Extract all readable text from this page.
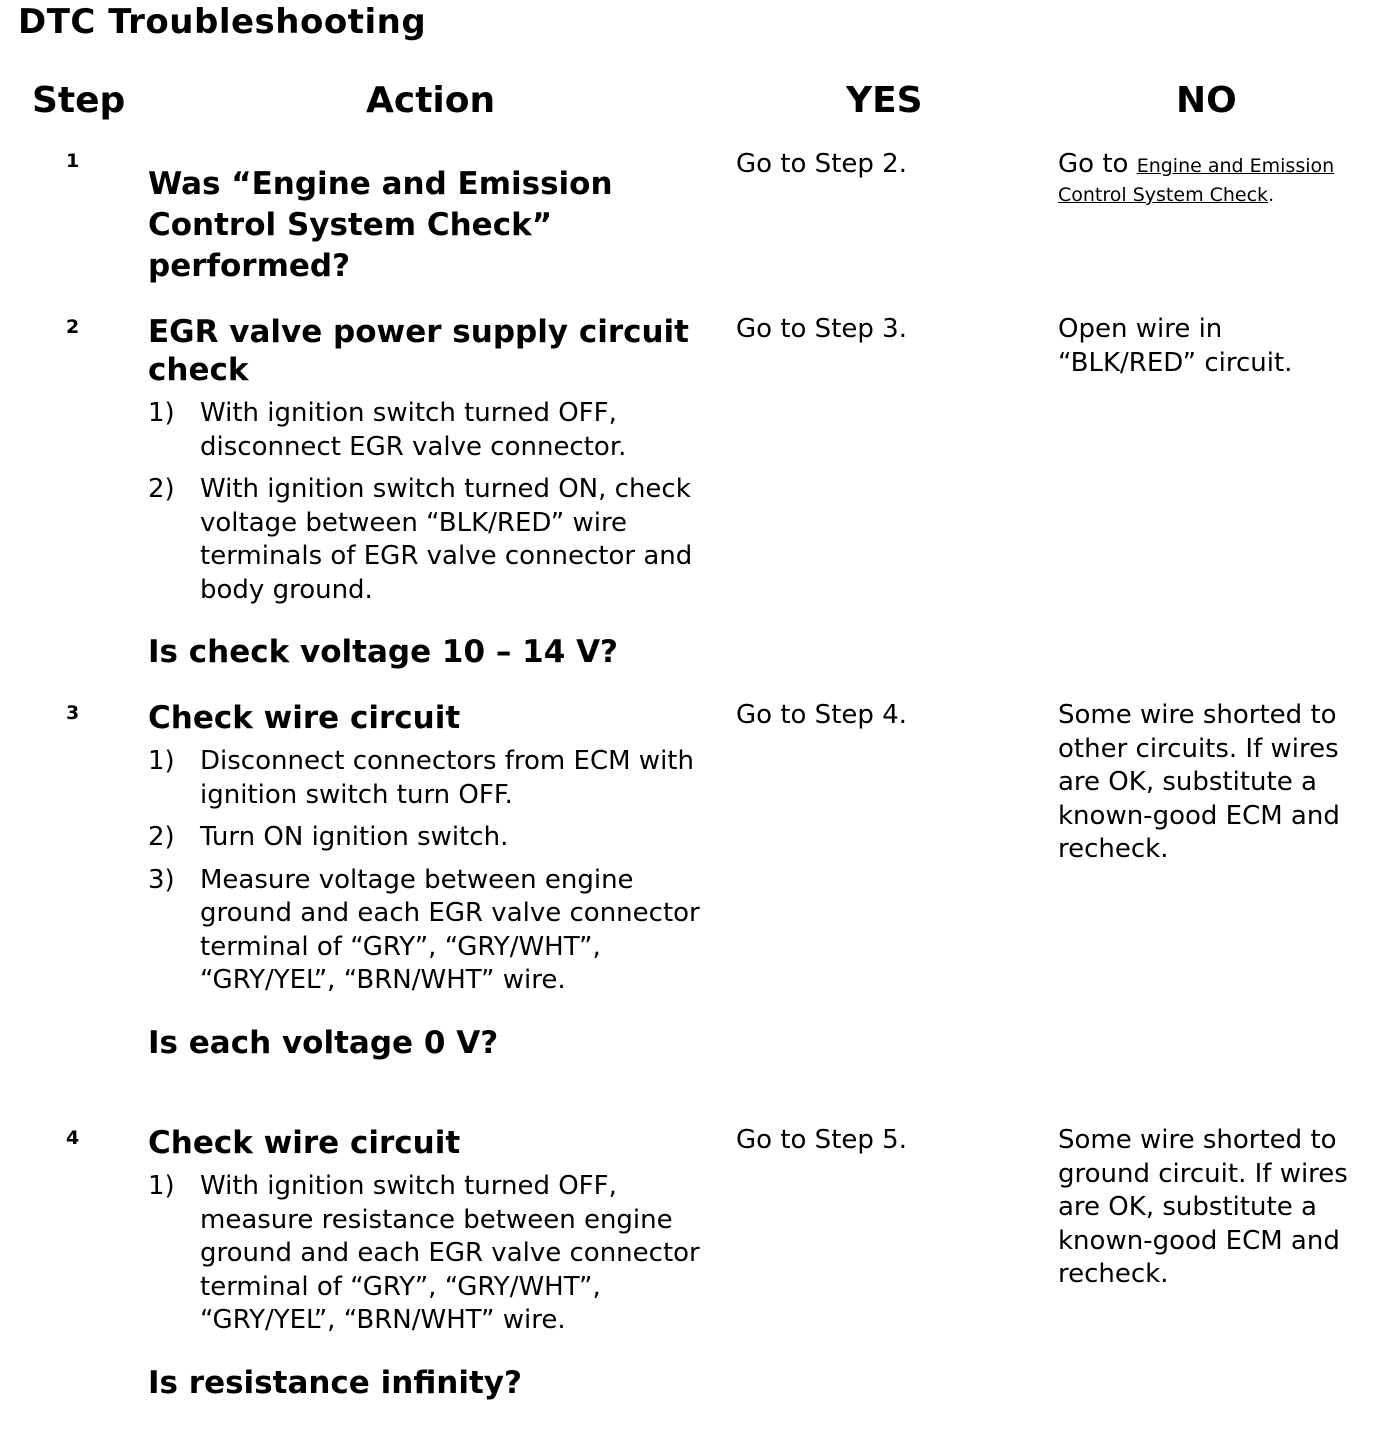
DTC Troubleshooting
Step	Action	YES	NO
1

Was “Engine and Emission Control System Check” performed?

Go to Step 2.	Go to Engine and Emission Control System Check.
2 EGR valve power supply circuit check

1) With ignition switch turned OFF, disconnect EGR valve connector.
2) With ignition switch turned ON, check voltage between “BLK/RED” wire terminals of EGR valve connector and body ground.

Is check voltage 10 – 14 V?

Go to Step 3.	Open wire in “BLK/RED” circuit.
3 Check wire circuit

1) Disconnect connectors from ECM with ignition switch turn OFF.
2) Turn ON ignition switch.
3) Measure voltage between engine ground and each EGR valve connector terminal of “GRY”, “GRY/WHT”, “GRY/YEL”, “BRN/WHT” wire.

Is each voltage 0 V?

Go to Step 4.	Some wire shorted to other circuits. If wires are OK, substitute a known-good ECM and recheck.
4 Check wire circuit

1) With ignition switch turned OFF, measure resistance between engine ground and each EGR valve connector terminal of “GRY”, “GRY/WHT”, “GRY/YEL”, “BRN/WHT” wire.

Is resistance infinity?

Go to Step 5.	Some wire shorted to ground circuit. If wires are OK, substitute a known-good ECM and recheck.
